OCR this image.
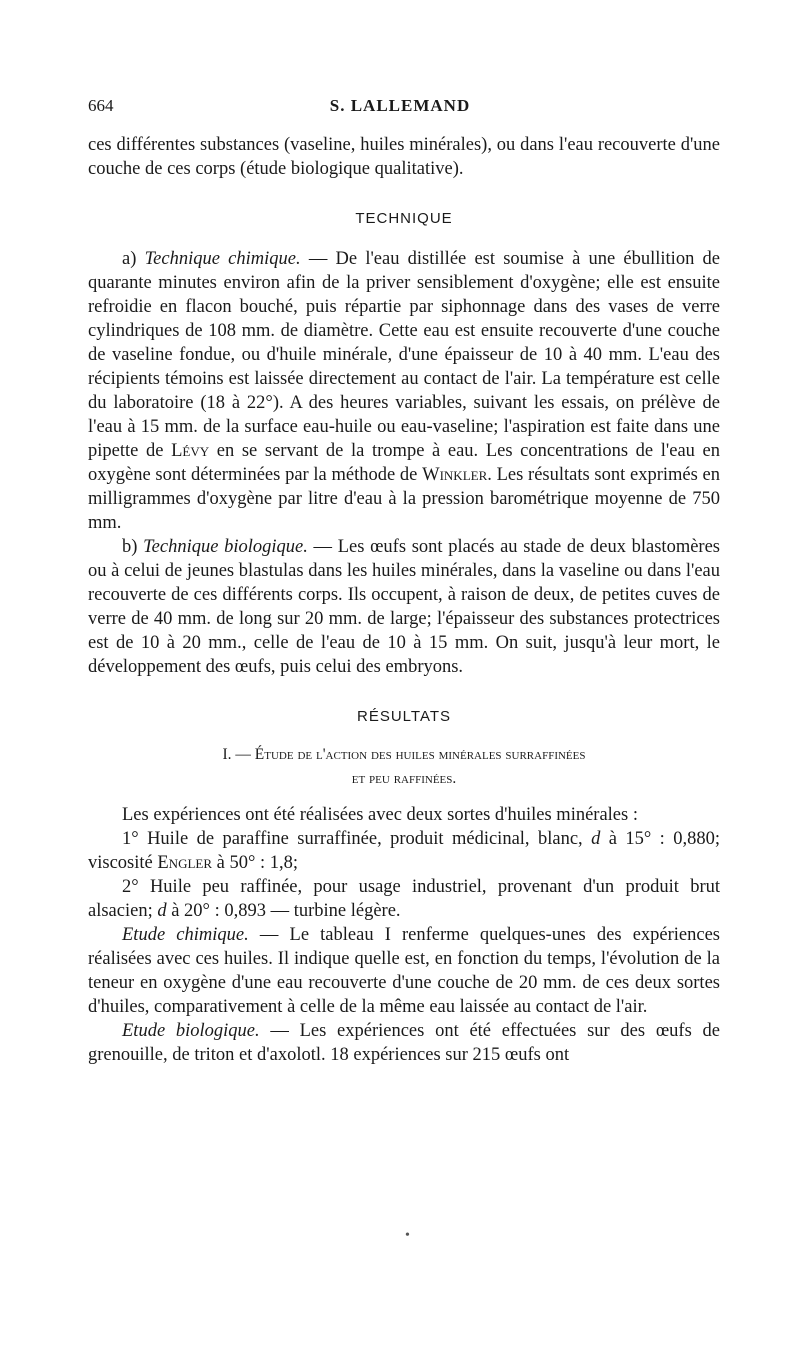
664	S. LALLEMAND

ces différentes substances (vaseline, huiles minérales), ou dans l'eau recouverte d'une couche de ces corps (étude biologique qualitative).

TECHNIQUE

a) Technique chimique. — De l'eau distillée est soumise à une ébullition de quarante minutes environ afin de la priver sensiblement d'oxygène; elle est ensuite refroidie en flacon bouché, puis répartie par siphonnage dans des vases de verre cylindriques de 108 mm. de diamètre. Cette eau est ensuite recouverte d'une couche de vaseline fondue, ou d'huile minérale, d'une épaisseur de 10 à 40 mm. L'eau des récipients témoins est laissée directement au contact de l'air. La température est celle du laboratoire (18 à 22°). A des heures variables, suivant les essais, on prélève de l'eau à 15 mm. de la surface eau-huile ou eau-vaseline; l'aspiration est faite dans une pipette de Lévy en se servant de la trompe à eau. Les concentrations de l'eau en oxygène sont déterminées par la méthode de Winkler. Les résultats sont exprimés en milligrammes d'oxygène par litre d'eau à la pression barométrique moyenne de 750 mm.

b) Technique biologique. — Les œufs sont placés au stade de deux blastomères ou à celui de jeunes blastulas dans les huiles minérales, dans la vaseline ou dans l'eau recouverte de ces différents corps. Ils occupent, à raison de deux, de petites cuves de verre de 40 mm. de long sur 20 mm. de large; l'épaisseur des substances protectrices est de 10 à 20 mm., celle de l'eau de 10 à 15 mm. On suit, jusqu'à leur mort, le développement des œufs, puis celui des embryons.

RÉSULTATS

I. — Étude de l'action des huiles minérales surraffinées

et peu raffinées.

Les expériences ont été réalisées avec deux sortes d'huiles minérales :

1° Huile de paraffine surraffinée, produit médicinal, blanc, d à 15° : 0,880; viscosité Engler à 50° : 1,8;

2° Huile peu raffinée, pour usage industriel, provenant d'un produit brut alsacien; d à 20° : 0,893 — turbine légère.

Etude chimique. — Le tableau I renferme quelques-unes des expériences réalisées avec ces huiles. Il indique quelle est, en fonction du temps, l'évolution de la teneur en oxygène d'une eau recouverte d'une couche de 20 mm. de ces deux sortes d'huiles, comparativement à celle de la même eau laissée au contact de l'air.

Etude biologique. — Les expériences ont été effectuées sur des œufs de grenouille, de triton et d'axolotl. 18 expériences sur 215 œufs ont

•
